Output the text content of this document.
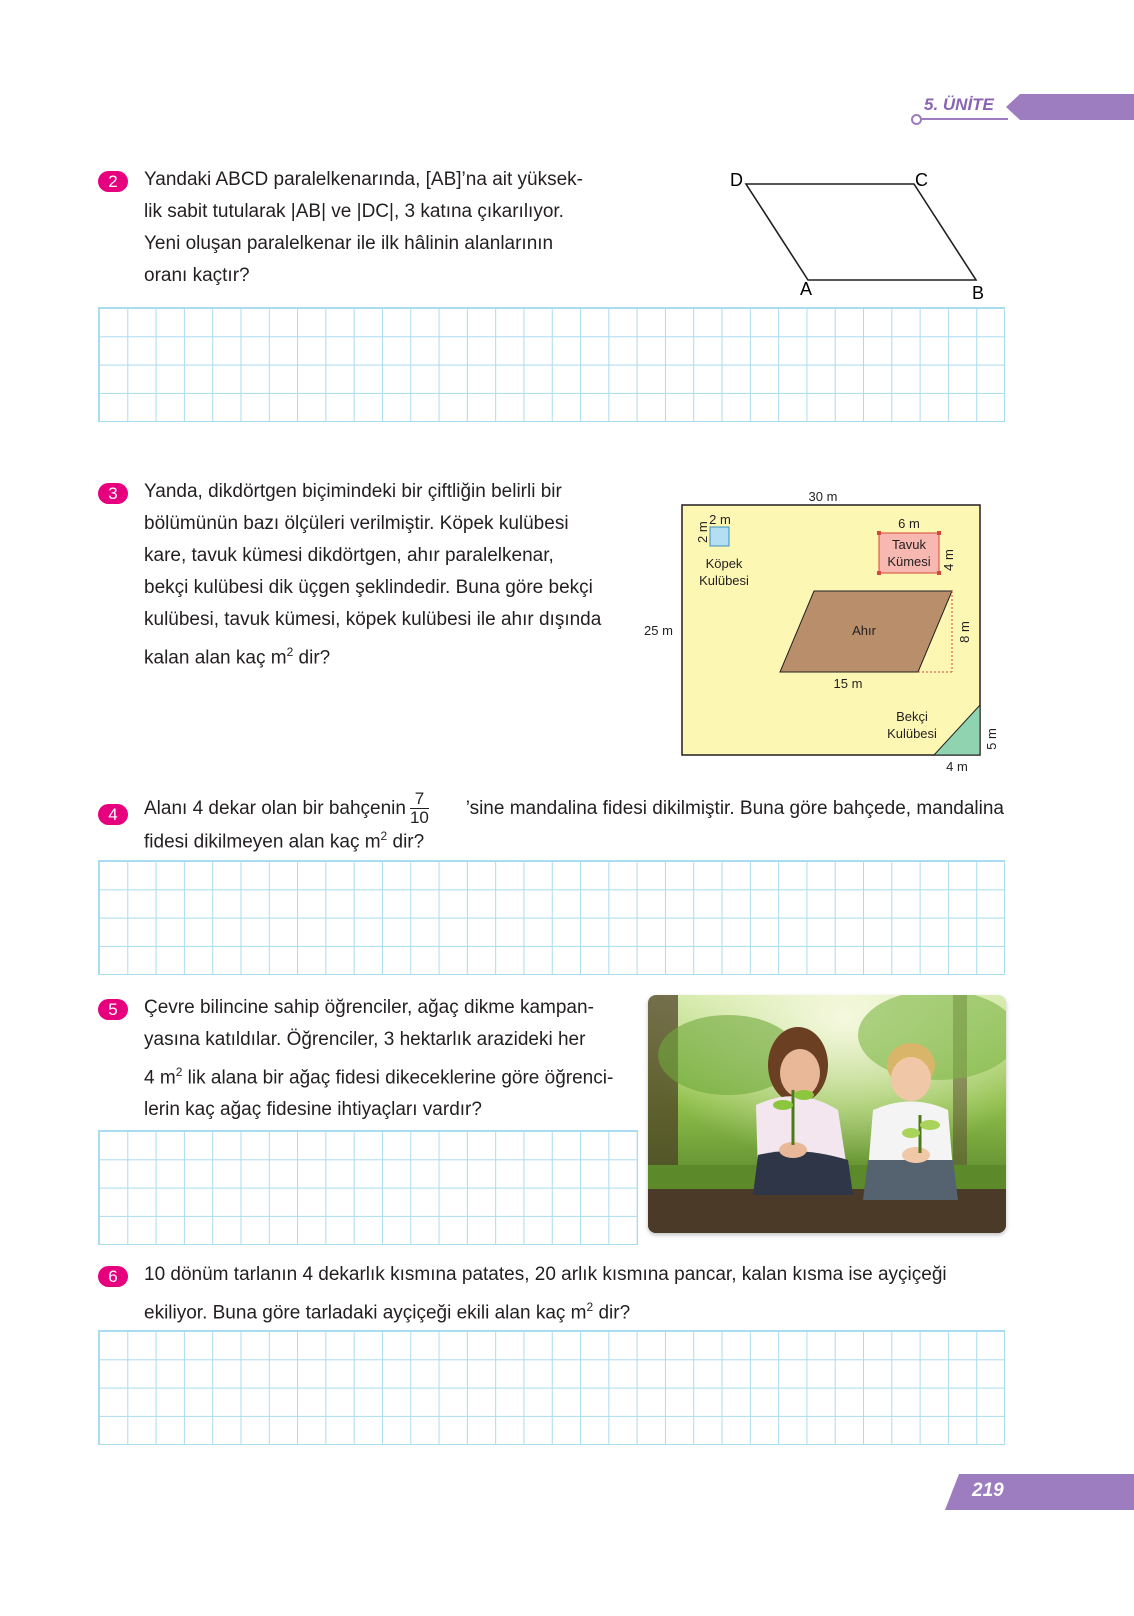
5. ÜNİTE
2	Yandaki ABCD paralelkenarında, [AB]’na ait yüksek-
lik sabit tutularak |AB| ve |DC|, 3 katına çıkarılıyor.
Yeni oluşan paralelkenar ile ilk hâlinin alanlarının
oranı kaçtır?
D	C
A	B
3	Yanda, dikdörtgen biçimindeki bir çiftliğin belirli bir
bölümünün bazı ölçüleri verilmiştir. Köpek kulübesi
kare, tavuk kümesi dikdörtgen, ahır paralelkenar,
bekçi kulübesi dik üçgen şeklindedir. Buna göre bekçi
kulübesi, tavuk kümesi, köpek kulübesi ile ahır dışında
kalan alan kaç $m^2$ dir?
30 m
25 m
2 m
2 m
Köpek
Kulübesi
6 m
4 m
Tavuk
Kümesi
Ahır
15 m
8 m
Bekçi
Kulübesi	5 m
4 m
4	Alanı 4 dekar olan bir bahçenin $\frac{7}{10}$ ’sine mandalina fidesi dikilmiştir. Buna göre bahçede, mandalina
fidesi dikilmeyen alan kaç $m^2$ dir?
5	Çevre bilincine sahip öğrenciler, ağaç dikme kampan-
yasına katıldılar. Öğrenciler, 3 hektarlık arazideki her
4 $m^2$ lik alana bir ağaç fidesi dikeceklerine göre öğrenci-
lerin kaç ağaç fidesine ihtiyaçları vardır?
6	10 dönüm tarlanın 4 dekarlık kısmına patates, 20 arlık kısmına pancar, kalan kısma ise ayçiçeği
ekiliyor. Buna göre tarladaki ayçiçeği ekili alan kaç $m^2$ dir?
219
